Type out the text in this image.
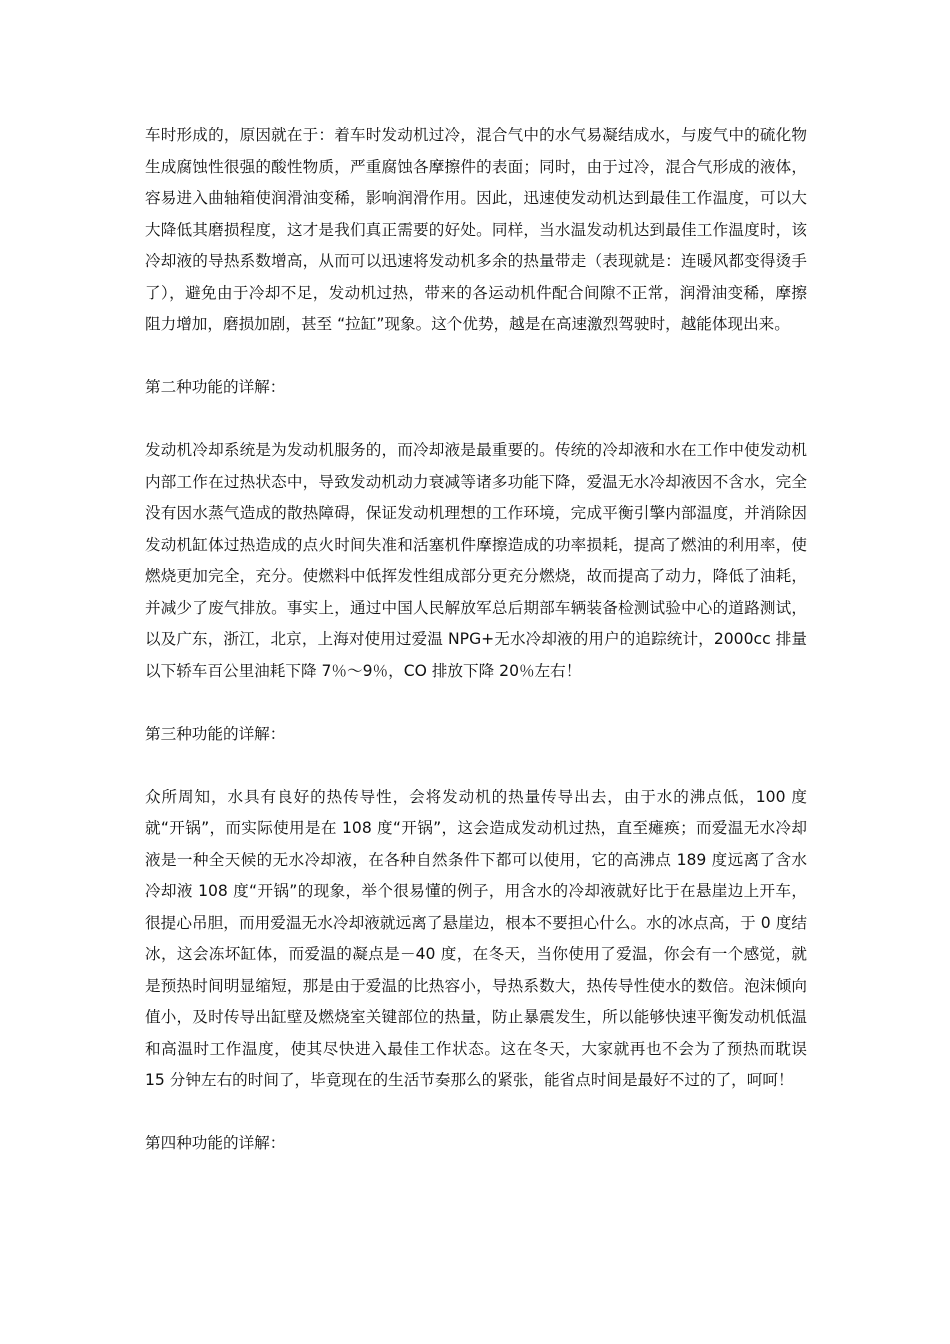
车时形成的，原因就在于：着车时发动机过冷，混合气中的水气易凝结成水，与废气中的硫化物生成腐蚀性很强的酸性物质，严重腐蚀各摩擦件的表面；同时，由于过冷，混合气形成的液体，容易进入曲轴箱使润滑油变稀，影响润滑作用。因此，迅速使发动机达到最佳工作温度，可以大大降低其磨损程度，这才是我们真正需要的好处。同样，当水温发动机达到最佳工作温度时，该冷却液的导热系数增高，从而可以迅速将发动机多余的热量带走（表现就是：连暖风都变得烫手了），避免由于冷却不足，发动机过热，带来的各运动机件配合间隙不正常，润滑油变稀，摩擦阻力增加，磨损加剧，甚至 “拉缸”现象。这个优势，越是在高速激烈驾驶时，越能体现出来。

第二种功能的详解：

发动机冷却系统是为发动机服务的，而冷却液是最重要的。传统的冷却液和水在工作中使发动机内部工作在过热状态中，导致发动机动力衰减等诸多功能下降，爱温无水冷却液因不含水，完全没有因水蒸气造成的散热障碍，保证发动机理想的工作环境，完成平衡引擎内部温度，并消除因发动机缸体过热造成的点火时间失准和活塞机件摩擦造成的功率损耗，提高了燃油的利用率，使燃烧更加完全，充分。使燃料中低挥发性组成部分更充分燃烧，故而提高了动力，降低了油耗，并减少了废气排放。事实上，通过中国人民解放军总后期部车辆装备检测试验中心的道路测试，以及广东，浙江，北京，上海对使用过爱温 NPG+无水冷却液的用户的追踪统计，2000cc 排量以下轿车百公里油耗下降 7％～9％，CO 排放下降 20％左右！

第三种功能的详解：

众所周知，水具有良好的热传导性，会将发动机的热量传导出去，由于水的沸点低，100 度就“开锅”，而实际使用是在 108 度“开锅”，这会造成发动机过热，直至瘫痪；而爱温无水冷却液是一种全天候的无水冷却液，在各种自然条件下都可以使用，它的高沸点 189 度远离了含水冷却液 108 度“开锅”的现象，举个很易懂的例子，用含水的冷却液就好比于在悬崖边上开车，很提心吊胆，而用爱温无水冷却液就远离了悬崖边，根本不要担心什么。水的冰点高，于 0 度结冰，这会冻坏缸体，而爱温的凝点是－40 度，在冬天，当你使用了爱温，你会有一个感觉，就是预热时间明显缩短，那是由于爱温的比热容小，导热系数大，热传导性使水的数倍。泡沫倾向值小，及时传导出缸壁及燃烧室关键部位的热量，防止暴震发生，所以能够快速平衡发动机低温和高温时工作温度，使其尽快进入最佳工作状态。这在冬天，大家就再也不会为了预热而耽误 15 分钟左右的时间了，毕竟现在的生活节奏那么的紧张，能省点时间是最好不过的了，呵呵！

第四种功能的详解：
